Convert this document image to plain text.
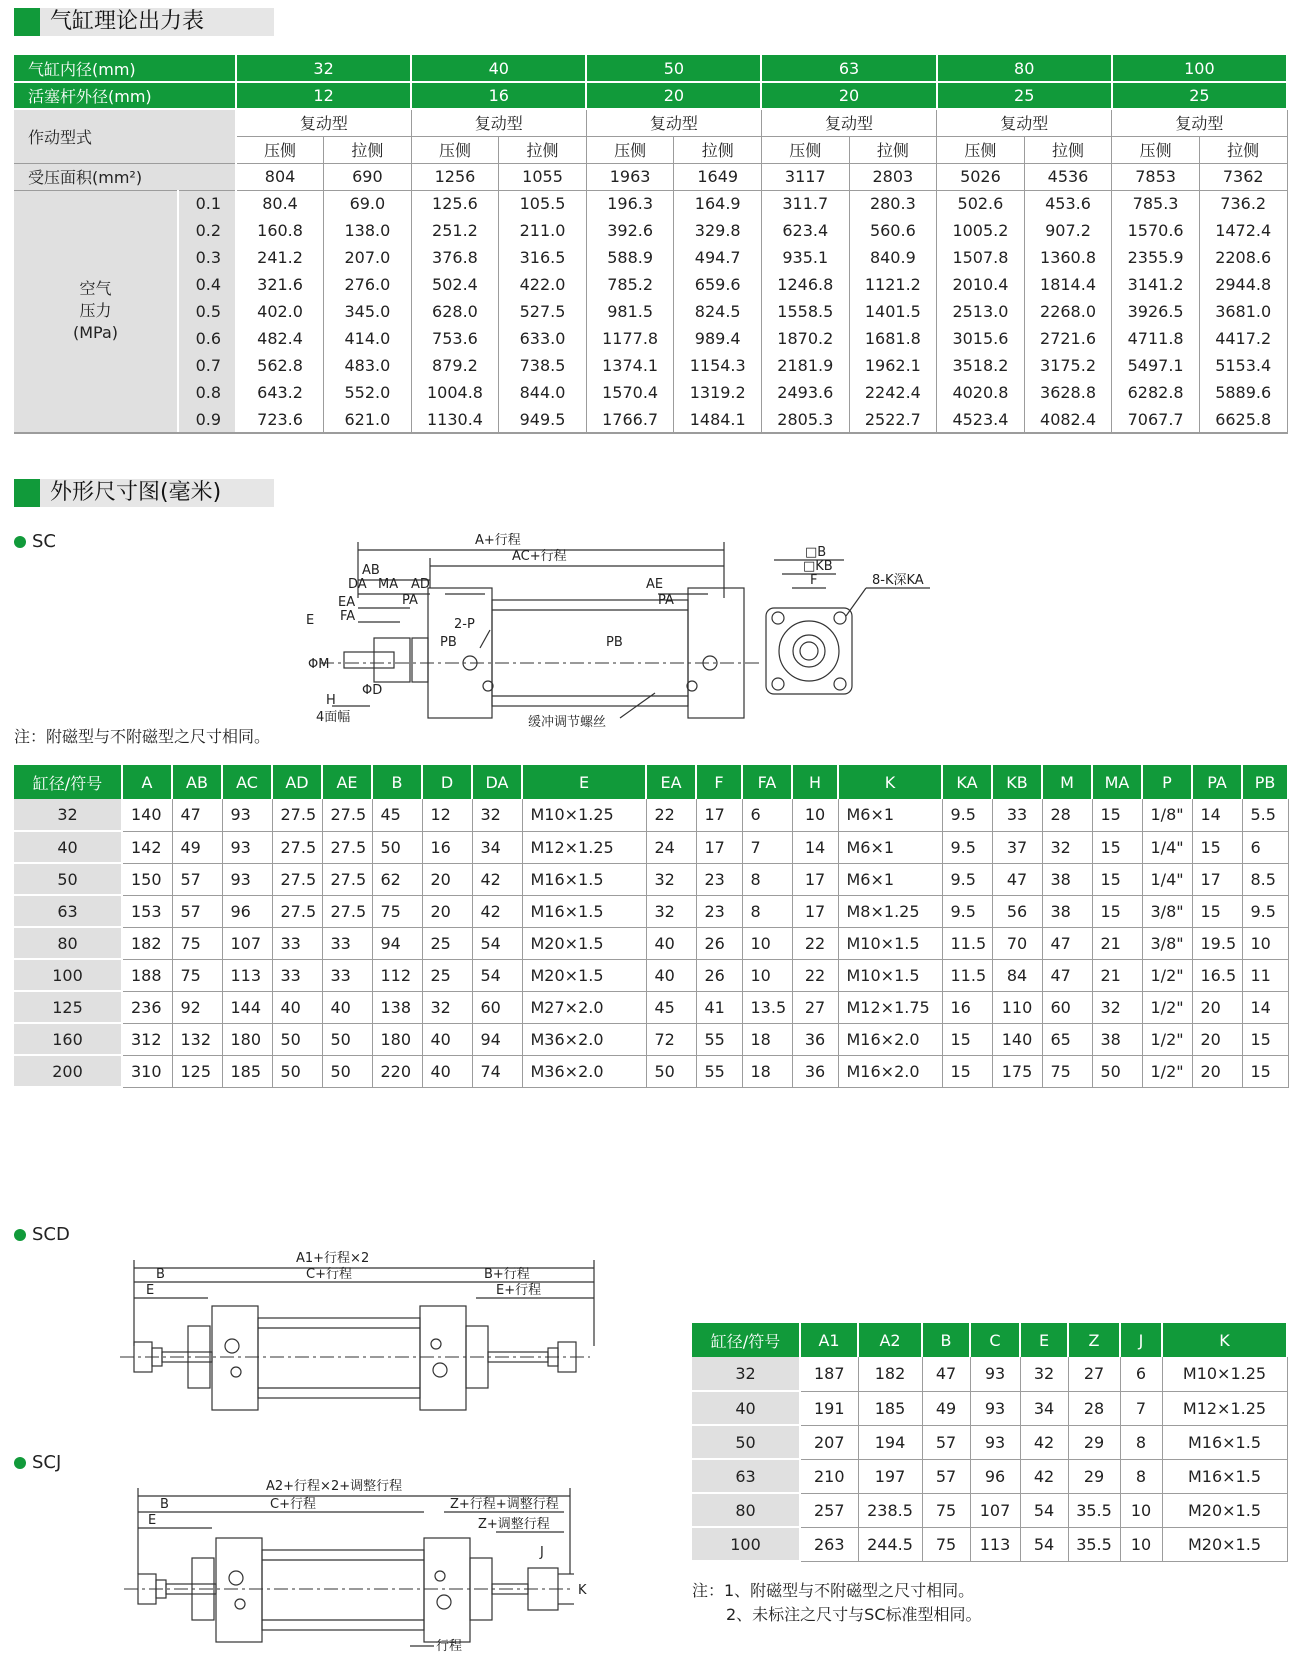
气缸理论出力表
气缸内径(mm)		32		40		50		63		80		100	
活塞杆外径(mm)		12		16		20		20		25		25	
作动型式		复动型		复动型		复动型		复动型		复动型		复动型	
		压侧	拉侧	压侧	拉侧	压侧	拉侧	压侧	拉侧	压侧	拉侧	压侧	拉侧
受压面积(mm²)		804	690	1256	1055	1963	1649	3117	2803	5026	4536	7853	7362

空气
压力
(MPa)	0.1	80.4	69.0	125.6	105.5	196.3	164.9	311.7	280.3	502.6	453.6	785.3	736.2
	0.2	160.8	138.0	251.2	211.0	392.6	329.8	623.4	560.6	1005.2	907.2	1570.6	1472.4
	0.3	241.2	207.0	376.8	316.5	588.9	494.7	935.1	840.9	1507.8	1360.8	2355.9	2208.6
	0.4	321.6	276.0	502.4	422.0	785.2	659.6	1246.8	1121.2	2010.4	1814.4	3141.2	2944.8
	0.5	402.0	345.0	628.0	527.5	981.5	824.5	1558.5	1401.5	2513.0	2268.0	3926.5	3681.0
	0.6	482.4	414.0	753.6	633.0	1177.8	989.4	1870.2	1681.8	3015.6	2721.6	4711.8	4417.2
	0.7	562.8	483.0	879.2	738.5	1374.1	1154.3	2181.9	1962.1	3518.2	3175.2	5497.1	5153.4
	0.8	643.2	552.0	1004.8	844.0	1570.4	1319.2	2493.6	2242.4	4020.8	3628.8	6282.8	5889.6
	0.9	723.6	621.0	1130.4	949.5	1766.7	1484.1	2805.3	2522.7	4523.4	4082.4	7067.7	6625.8
外形尺寸图(毫米)
SC	A+行程
AC+行程
AB
DA MA AD	AE
PA	PA
EA
FA
E	2-P
PB	PB
ΦM
ΦD
H
4面幅	缓冲调节螺丝
□B
□KB
F	8-K深KA
注：附磁型与不附磁型之尺寸相同。
缸径/符号	A	AB	AC	AD	AE	B	D	DA	E	EA	F	FA	H	K	KA	KB	M	MA	P	PA	PB
32	140	47	93	27.5	27.5	45	12	32	M10×1.25	22	17	6	10	M6×1	9.5	33	28	15	1/8"	14	5.5
40	142	49	93	27.5	27.5	50	16	34	M12×1.25	24	17	7	14	M6×1	9.5	37	32	15	1/4"	15	6
50	150	57	93	27.5	27.5	62	20	42	M16×1.5	32	23	8	17	M6×1	9.5	47	38	15	1/4"	17	8.5
63	153	57	96	27.5	27.5	75	20	42	M16×1.5	32	23	8	17	M8×1.25	9.5	56	38	15	3/8"	15	9.5
80	182	75	107	33	33	94	25	54	M20×1.5	40	26	10	22	M10×1.5	11.5	70	47	21	3/8"	19.5	10
100	188	75	113	33	33	112	25	54	M20×1.5	40	26	10	22	M10×1.5	11.5	84	47	21	1/2"	16.5	11
125	236	92	144	40	40	138	32	60	M27×2.0	45	41	13.5	27	M12×1.75	16	110	60	32	1/2"	20	14
160	312	132	180	50	50	180	40	94	M36×2.0	72	55	18	36	M16×2.0	15	140	65	38	1/2"	20	15
200	310	125	185	50	50	220	40	74	M36×2.0	50	55	18	36	M16×2.0	15	175	75	50	1/2"	20	15
SCD
A1+行程×2
C+行程
B
E
B+行程
E+行程
SCJ
A2+行程×2+调整行程
C+行程
B
E
Z+行程+调整行程
Z+调整行程
J
K
行程
缸径/符号	A1	A2	B	C	E	Z	J	K
32	187	182	47	93	32	27	6	M10×1.25
40	191	185	49	93	34	28	7	M12×1.25
50	207	194	57	93	42	29	8	M16×1.5
63	210	197	57	96	42	29	8	M16×1.5
80	257	238.5	75	107	54	35.5	10	M20×1.5
100	263	244.5	75	113	54	35.5	10	M20×1.5
注：1、附磁型与不附磁型之尺寸相同。
2、未标注之尺寸与SC标准型相同。
